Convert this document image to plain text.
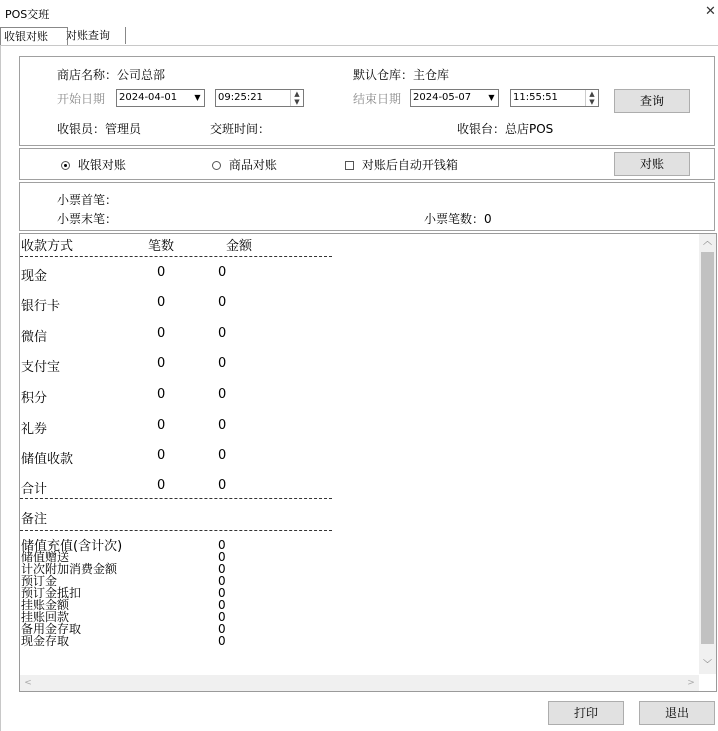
POS交班	✕
收银对账	对账查询
商店名称：公司总部	默认仓库：主仓库
开始日期	2024-04-01	▼	09:25:21	▲
▼	结束日期	2024-05-07	▼	11:55:51	▲
▼	查询
收银员：管理员	交班时间：	收银台：总店POS
收银对账	商品对账	对账后自动开钱箱	对账
小票首笔：
小票末笔：	小票笔数：0
收款方式	笔数	金额
现金	0	0
银行卡	0	0
微信	0	0
支付宝	0	0
积分	0	0
礼券	0	0
储值收款	0	0
合计	0	0
备注
储值充值(含计次)	0
储值赠送	0
计次附加消费金额	0
预订金	0
预订金抵扣	0
挂账金额	0
挂账回款	0
备用金存取	0
现金存取	0
︿
﹀
<	>
打印	退出
